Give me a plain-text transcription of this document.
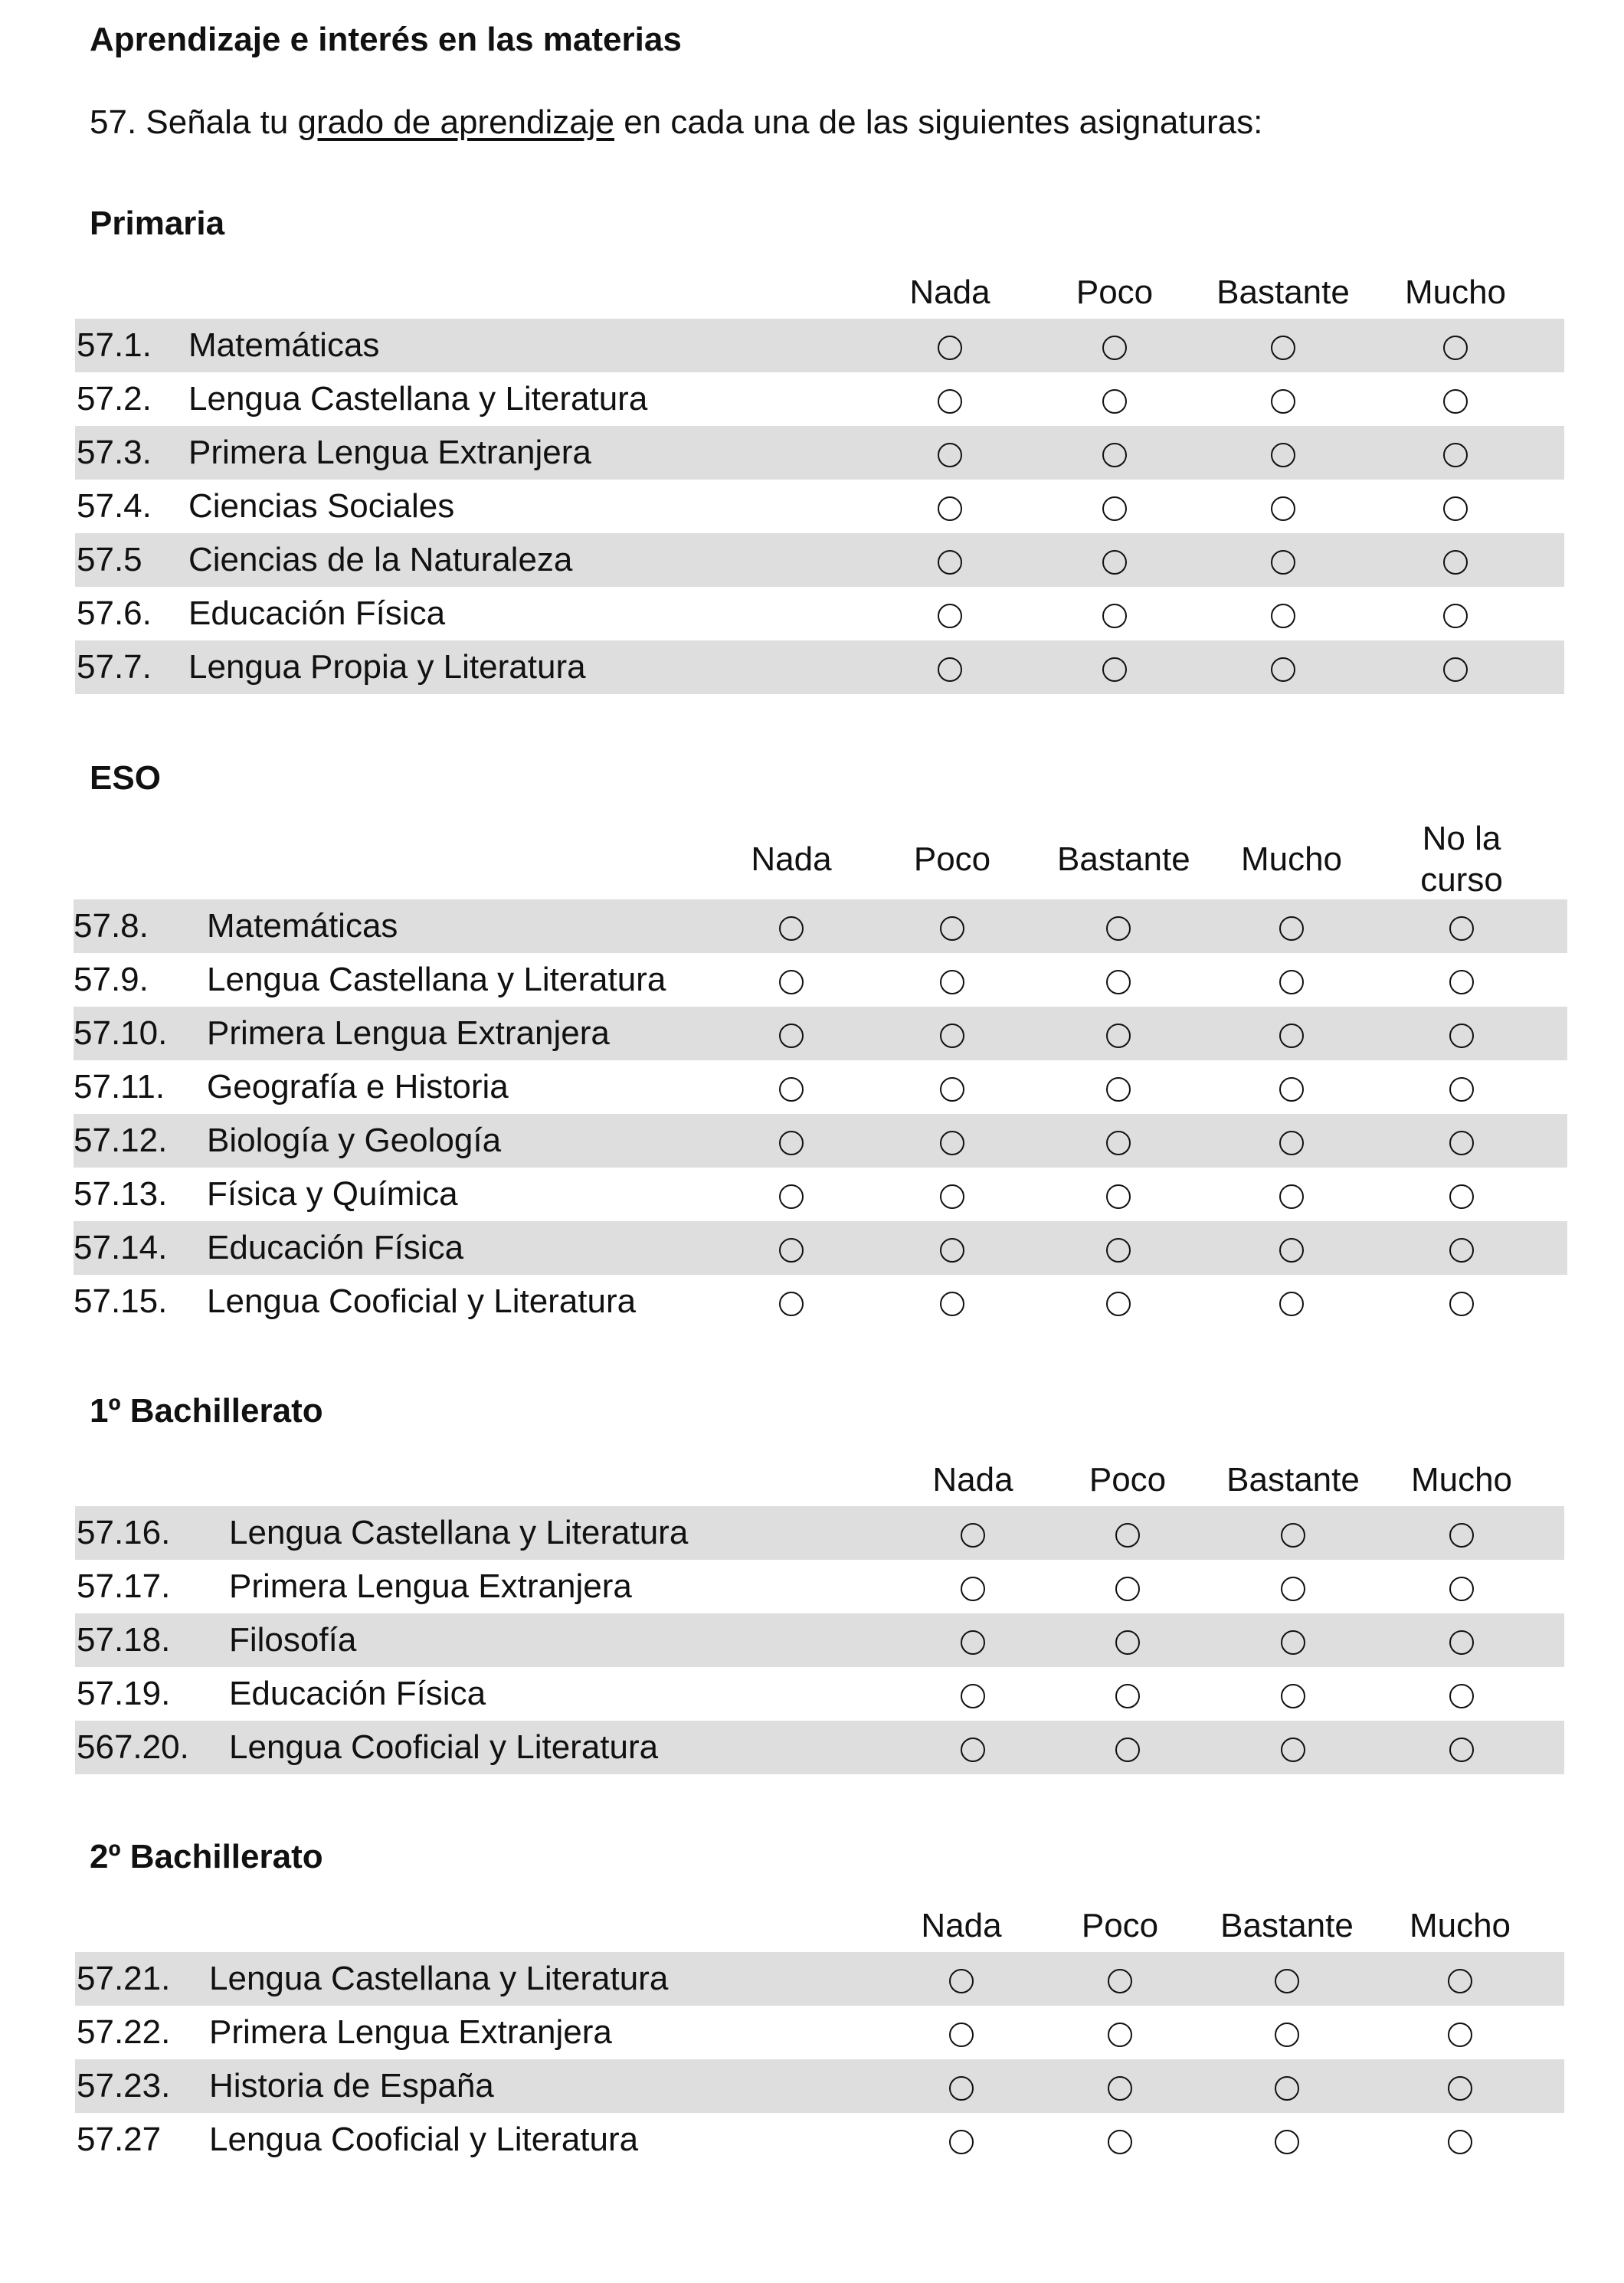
Aprendizaje e interés en las materias
57. Señala tu grado de aprendizaje en cada una de las siguientes asignaturas:
Primaria
Nada	Poco	Bastante	Mucho
57.1. Matemáticas
57.2. Lengua Castellana y Literatura
57.3. Primera Lengua Extranjera
57.4. Ciencias Sociales
57.5 Ciencias de la Naturaleza
57.6. Educación Física
57.7. Lengua Propia y Literatura
ESO
Nada	Poco	Bastante	Mucho
No la curso
57.8. Matemáticas
57.9. Lengua Castellana y Literatura
57.10. Primera Lengua Extranjera
57.11. Geografía e Historia
57.12. Biología y Geología
57.13. Física y Química
57.14. Educación Física
57.15. Lengua Cooficial y Literatura
1º Bachillerato
Nada	Poco	Bastante	Mucho
57.16. Lengua Castellana y Literatura
57.17. Primera Lengua Extranjera
57.18. Filosofía
57.19. Educación Física
567.20. Lengua Cooficial y Literatura
2º Bachillerato
Nada	Poco	Bastante	Mucho
57.21. Lengua Castellana y Literatura
57.22. Primera Lengua Extranjera
57.23. Historia de España
57.27 Lengua Cooficial y Literatura
